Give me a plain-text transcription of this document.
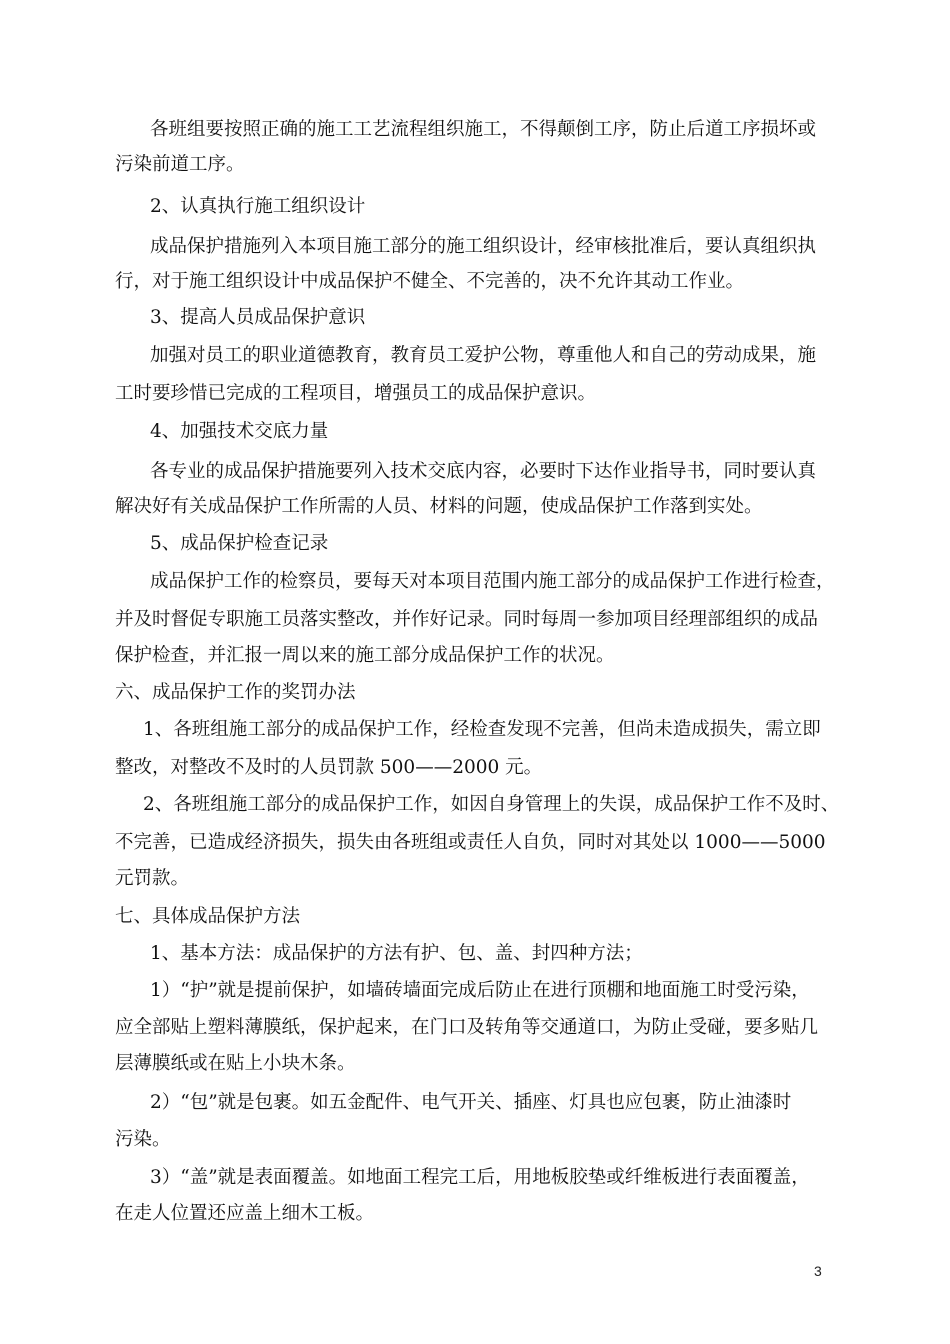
各班组要按照正确的施工工艺流程组织施工，不得颠倒工序，防止后道工序损坏或
污染前道工序。
2、认真执行施工组织设计
成品保护措施列入本项目施工部分的施工组织设计，经审核批准后，要认真组织执
行，对于施工组织设计中成品保护不健全、不完善的，决不允许其动工作业。
3、提高人员成品保护意识
加强对员工的职业道德教育，教育员工爱护公物，尊重他人和自己的劳动成果，施
工时要珍惜已完成的工程项目，增强员工的成品保护意识。
4、加强技术交底力量
各专业的成品保护措施要列入技术交底内容，必要时下达作业指导书，同时要认真
解决好有关成品保护工作所需的人员、材料的问题，使成品保护工作落到实处。
5、成品保护检查记录
成品保护工作的检察员，要每天对本项目范围内施工部分的成品保护工作进行检查，
并及时督促专职施工员落实整改，并作好记录。同时每周一参加项目经理部组织的成品
保护检查，并汇报一周以来的施工部分成品保护工作的状况。
六、成品保护工作的奖罚办法
1、各班组施工部分的成品保护工作，经检查发现不完善，但尚未造成损失，需立即
整改，对整改不及时的人员罚款 500——2000 元。
2、各班组施工部分的成品保护工作，如因自身管理上的失误，成品保护工作不及时、
不完善，已造成经济损失，损失由各班组或责任人自负，同时对其处以 1000——5000
元罚款。
七、具体成品保护方法
1、基本方法：成品保护的方法有护、包、盖、封四种方法；
1）“护”就是提前保护，如墙砖墙面完成后防止在进行顶棚和地面施工时受污染，
应全部贴上塑料薄膜纸，保护起来，在门口及转角等交通道口，为防止受碰，要多贴几
层薄膜纸或在贴上小块木条。
2）“包”就是包裹。如五金配件、电气开关、插座、灯具也应包裹，防止油漆时
污染。
3）“盖”就是表面覆盖。如地面工程完工后，用地板胶垫或纤维板进行表面覆盖，
在走人位置还应盖上细木工板。
3
